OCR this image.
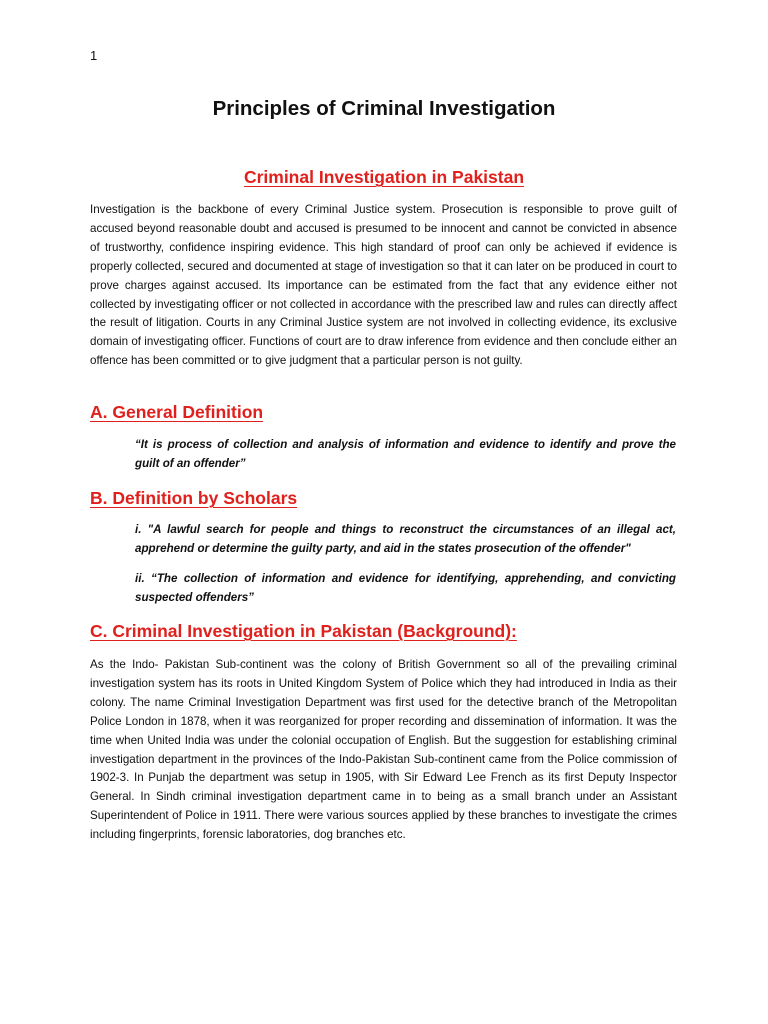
1
Principles of Criminal Investigation
Criminal Investigation in Pakistan

Investigation is the backbone of every Criminal Justice system. Prosecution is responsible to prove guilt of accused beyond reasonable doubt and accused is presumed to be innocent and cannot be convicted in absence of trustworthy, confidence inspiring evidence. This high standard of proof can only be achieved if evidence is properly collected, secured and documented at stage of investigation so that it can later on be produced in court to prove charges against accused. Its importance can be estimated from the fact that any evidence either not collected by investigating officer or not collected in accordance with the prescribed law and rules can directly affect the result of litigation. Courts in any Criminal Justice system are not involved in collecting evidence, its exclusive domain of investigating officer. Functions of court are to draw inference from evidence and then conclude either an offence has been committed or to give judgment that a particular person is not guilty.

A. General Definition

“It is process of collection and analysis of information and evidence to identify and prove the guilt of an offender”

B. Definition by Scholars

i. "A lawful search for people and things to reconstruct the circumstances of an illegal act, apprehend or determine the guilty party, and aid in the states prosecution of the offender"

ii. “The collection of information and evidence for identifying, apprehending, and convicting suspected offenders”

C. Criminal Investigation in Pakistan (Background):

As the Indo- Pakistan Sub-continent was the colony of British Government so all of the prevailing criminal investigation system has its roots in United Kingdom System of Police which they had introduced in India as their colony. The name Criminal Investigation Department was first used for the detective branch of the Metropolitan Police London in 1878, when it was reorganized for proper recording and dissemination of information. It was the time when United India was under the colonial occupation of English. But the suggestion for establishing criminal investigation department in the provinces of the Indo-Pakistan Sub-continent came from the Police commission of 1902-3. In Punjab the department was setup in 1905, with Sir Edward Lee French as its first Deputy Inspector General. In Sindh criminal investigation department came in to being as a small branch under an Assistant Superintendent of Police in 1911. There were various sources applied by these branches to investigate the crimes including fingerprints, forensic laboratories, dog branches etc.
